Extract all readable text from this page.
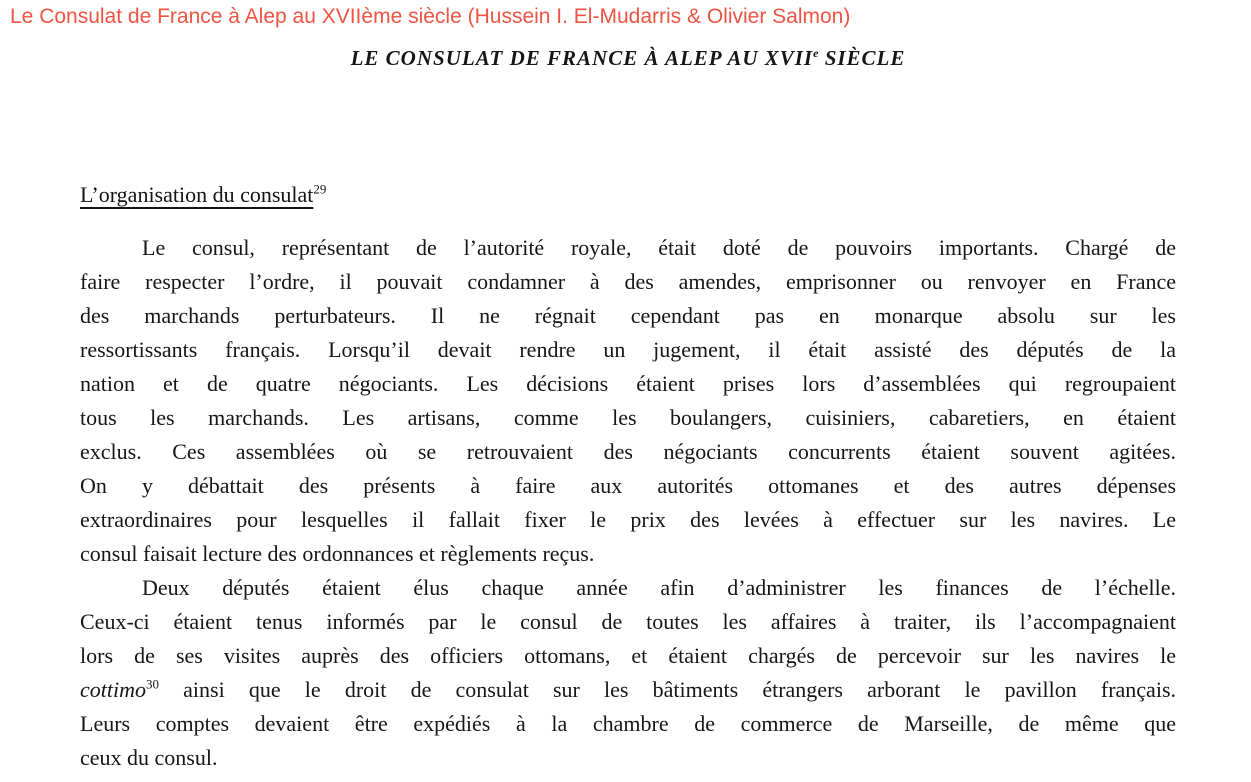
Le Consulat de France à Alep au XVIIème siècle (Hussein I. El-Mudarris & Olivier Salmon)
LE CONSULAT DE FRANCE À ALEP AU XVIIe SIÈCLE
L’organisation du consulat$^{29}$
Le consul, représentant de l’autorité royale, était doté de pouvoirs importants. Chargé de
faire respecter l’ordre, il pouvait condamner à des amendes, emprisonner ou renvoyer en France
des marchands perturbateurs. Il ne régnait cependant pas en monarque absolu sur les
ressortissants français. Lorsqu’il devait rendre un jugement, il était assisté des députés de la
nation et de quatre négociants. Les décisions étaient prises lors d’assemblées qui regroupaient
tous les marchands. Les artisans, comme les boulangers, cuisiniers, cabaretiers, en étaient
exclus. Ces assemblées où se retrouvaient des négociants concurrents étaient souvent agitées.
On y débattait des présents à faire aux autorités ottomanes et des autres dépenses
extraordinaires pour lesquelles il fallait fixer le prix des levées à effectuer sur les navires. Le
consul faisait lecture des ordonnances et règlements reçus.
Deux députés étaient élus chaque année afin d’administrer les finances de l’échelle.
Ceux-ci étaient tenus informés par le consul de toutes les affaires à traiter, ils l’accompagnaient
lors de ses visites auprès des officiers ottomans, et étaient chargés de percevoir sur les navires le
cottimo$^{30}$ ainsi que le droit de consulat sur les bâtiments étrangers arborant le pavillon français.
Leurs comptes devaient être expédiés à la chambre de commerce de Marseille, de même que
ceux du consul.
